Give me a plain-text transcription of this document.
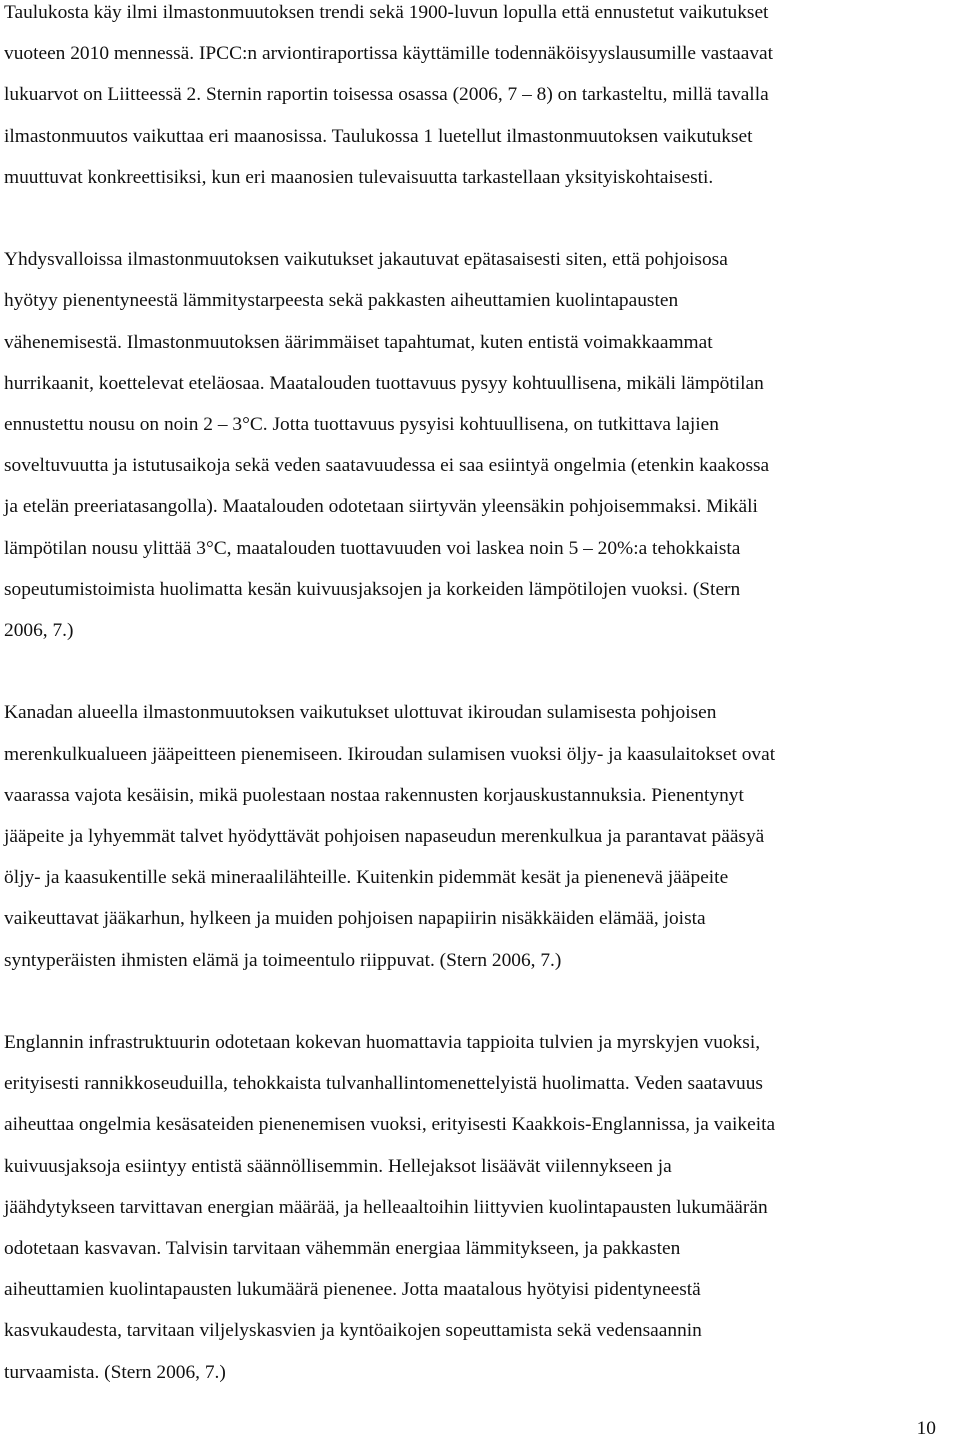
Taulukosta käy ilmi ilmastonmuutoksen trendi sekä 1900-luvun lopulla että ennustetut vaikutukset
vuoteen 2010 mennessä. IPCC:n arviontiraportissa käyttämille todennäköisyyslausumille vastaavat
lukuarvot on Liitteessä 2. Sternin raportin toisessa osassa (2006, 7 – 8) on tarkasteltu, millä tavalla
ilmastonmuutos vaikuttaa eri maanosissa. Taulukossa 1 luetellut ilmastonmuutoksen vaikutukset
muuttuvat konkreettisiksi, kun eri maanosien tulevaisuutta tarkastellaan yksityiskohtaisesti.

Yhdysvalloissa ilmastonmuutoksen vaikutukset jakautuvat epätasaisesti siten, että pohjoisosa
hyötyy pienentyneestä lämmitystarpeesta sekä pakkasten aiheuttamien kuolintapausten
vähenemisestä. Ilmastonmuutoksen äärimmäiset tapahtumat, kuten entistä voimakkaammat
hurrikaanit, koettelevat eteläosaa. Maatalouden tuottavuus pysyy kohtuullisena, mikäli lämpötilan
ennustettu nousu on noin 2 – 3°C. Jotta tuottavuus pysyisi kohtuullisena, on tutkittava lajien
soveltuvuutta ja istutusaikoja sekä veden saatavuudessa ei saa esiintyä ongelmia (etenkin kaakossa
ja etelän preeriatasangolla). Maatalouden odotetaan siirtyvän yleensäkin pohjoisemmaksi. Mikäli
lämpötilan nousu ylittää 3°C, maatalouden tuottavuuden voi laskea noin 5 – 20%:a tehokkaista
sopeutumistoimista huolimatta kesän kuivuusjaksojen ja korkeiden lämpötilojen vuoksi. (Stern
2006, 7.)

Kanadan alueella ilmastonmuutoksen vaikutukset ulottuvat ikiroudan sulamisesta pohjoisen
merenkulkualueen jääpeitteen pienemiseen. Ikiroudan sulamisen vuoksi öljy- ja kaasulaitokset ovat
vaarassa vajota kesäisin, mikä puolestaan nostaa rakennusten korjauskustannuksia. Pienentynyt
jääpeite ja lyhyemmät talvet hyödyttävät pohjoisen napaseudun merenkulkua ja parantavat pääsyä
öljy- ja kaasukentille sekä mineraalilähteille. Kuitenkin pidemmät kesät ja pienenevä jääpeite
vaikeuttavat jääkarhun, hylkeen ja muiden pohjoisen napapiirin nisäkkäiden elämää, joista
syntyperäisten ihmisten elämä ja toimeentulo riippuvat. (Stern 2006, 7.)

Englannin infrastruktuurin odotetaan kokevan huomattavia tappioita tulvien ja myrskyjen vuoksi,
erityisesti rannikkoseuduilla, tehokkaista tulvanhallintomenettelyistä huolimatta. Veden saatavuus
aiheuttaa ongelmia kesäsateiden pienenemisen vuoksi, erityisesti Kaakkois-Englannissa, ja vaikeita
kuivuusjaksoja esiintyy entistä säännöllisemmin. Hellejaksot lisäävät viilennykseen ja
jäähdytykseen tarvittavan energian määrää, ja helleaaltoihin liittyvien kuolintapausten lukumäärän
odotetaan kasvavan. Talvisin tarvitaan vähemmän energiaa lämmitykseen, ja pakkasten
aiheuttamien kuolintapausten lukumäärä pienenee. Jotta maatalous hyötyisi pidentyneestä
kasvukaudesta, tarvitaan viljelyskasvien ja kyntöaikojen sopeuttamista sekä vedensaannin
turvaamista. (Stern 2006, 7.)

10
